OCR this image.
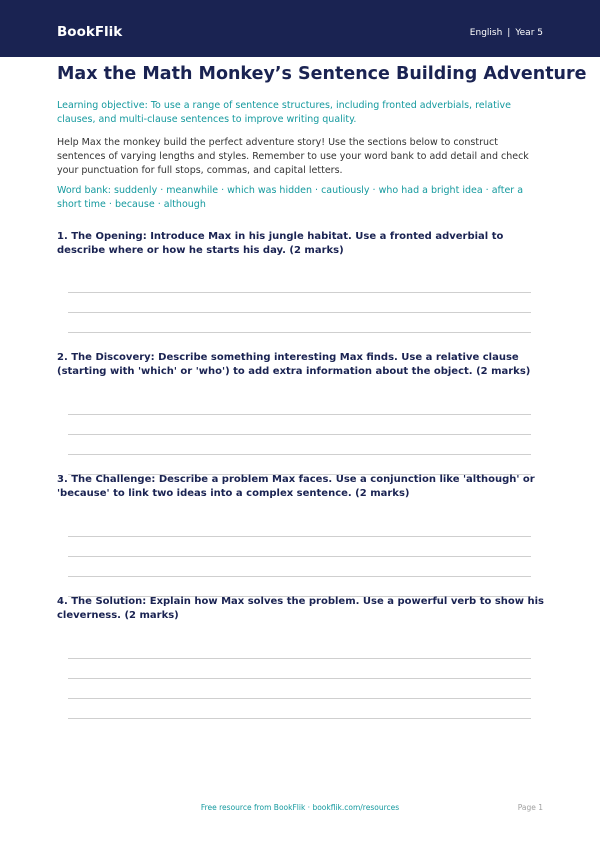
BookFlik	English | Year 5
Max the Math Monkey’s Sentence Building Adventure
Learning objective: To use a range of sentence structures, including fronted adverbials, relative clauses, and multi-clause sentences to improve writing quality.
Help Max the monkey build the perfect adventure story! Use the sections below to construct sentences of varying lengths and styles. Remember to use your word bank to add detail and check your punctuation for full stops, commas, and capital letters.
Word bank: suddenly · meanwhile · which was hidden · cautiously · who had a bright idea · after a short time · because · although
1. The Opening: Introduce Max in his jungle habitat. Use a fronted adverbial to describe where or how he starts his day. (2 marks)
2. The Discovery: Describe something interesting Max finds. Use a relative clause (starting with 'which' or 'who') to add extra information about the object. (2 marks)
3. The Challenge: Describe a problem Max faces. Use a conjunction like 'although' or 'because' to link two ideas into a complex sentence. (2 marks)
4. The Solution: Explain how Max solves the problem. Use a powerful verb to show his cleverness. (2 marks)
Free resource from BookFlik · bookflik.com/resources	Page 1
